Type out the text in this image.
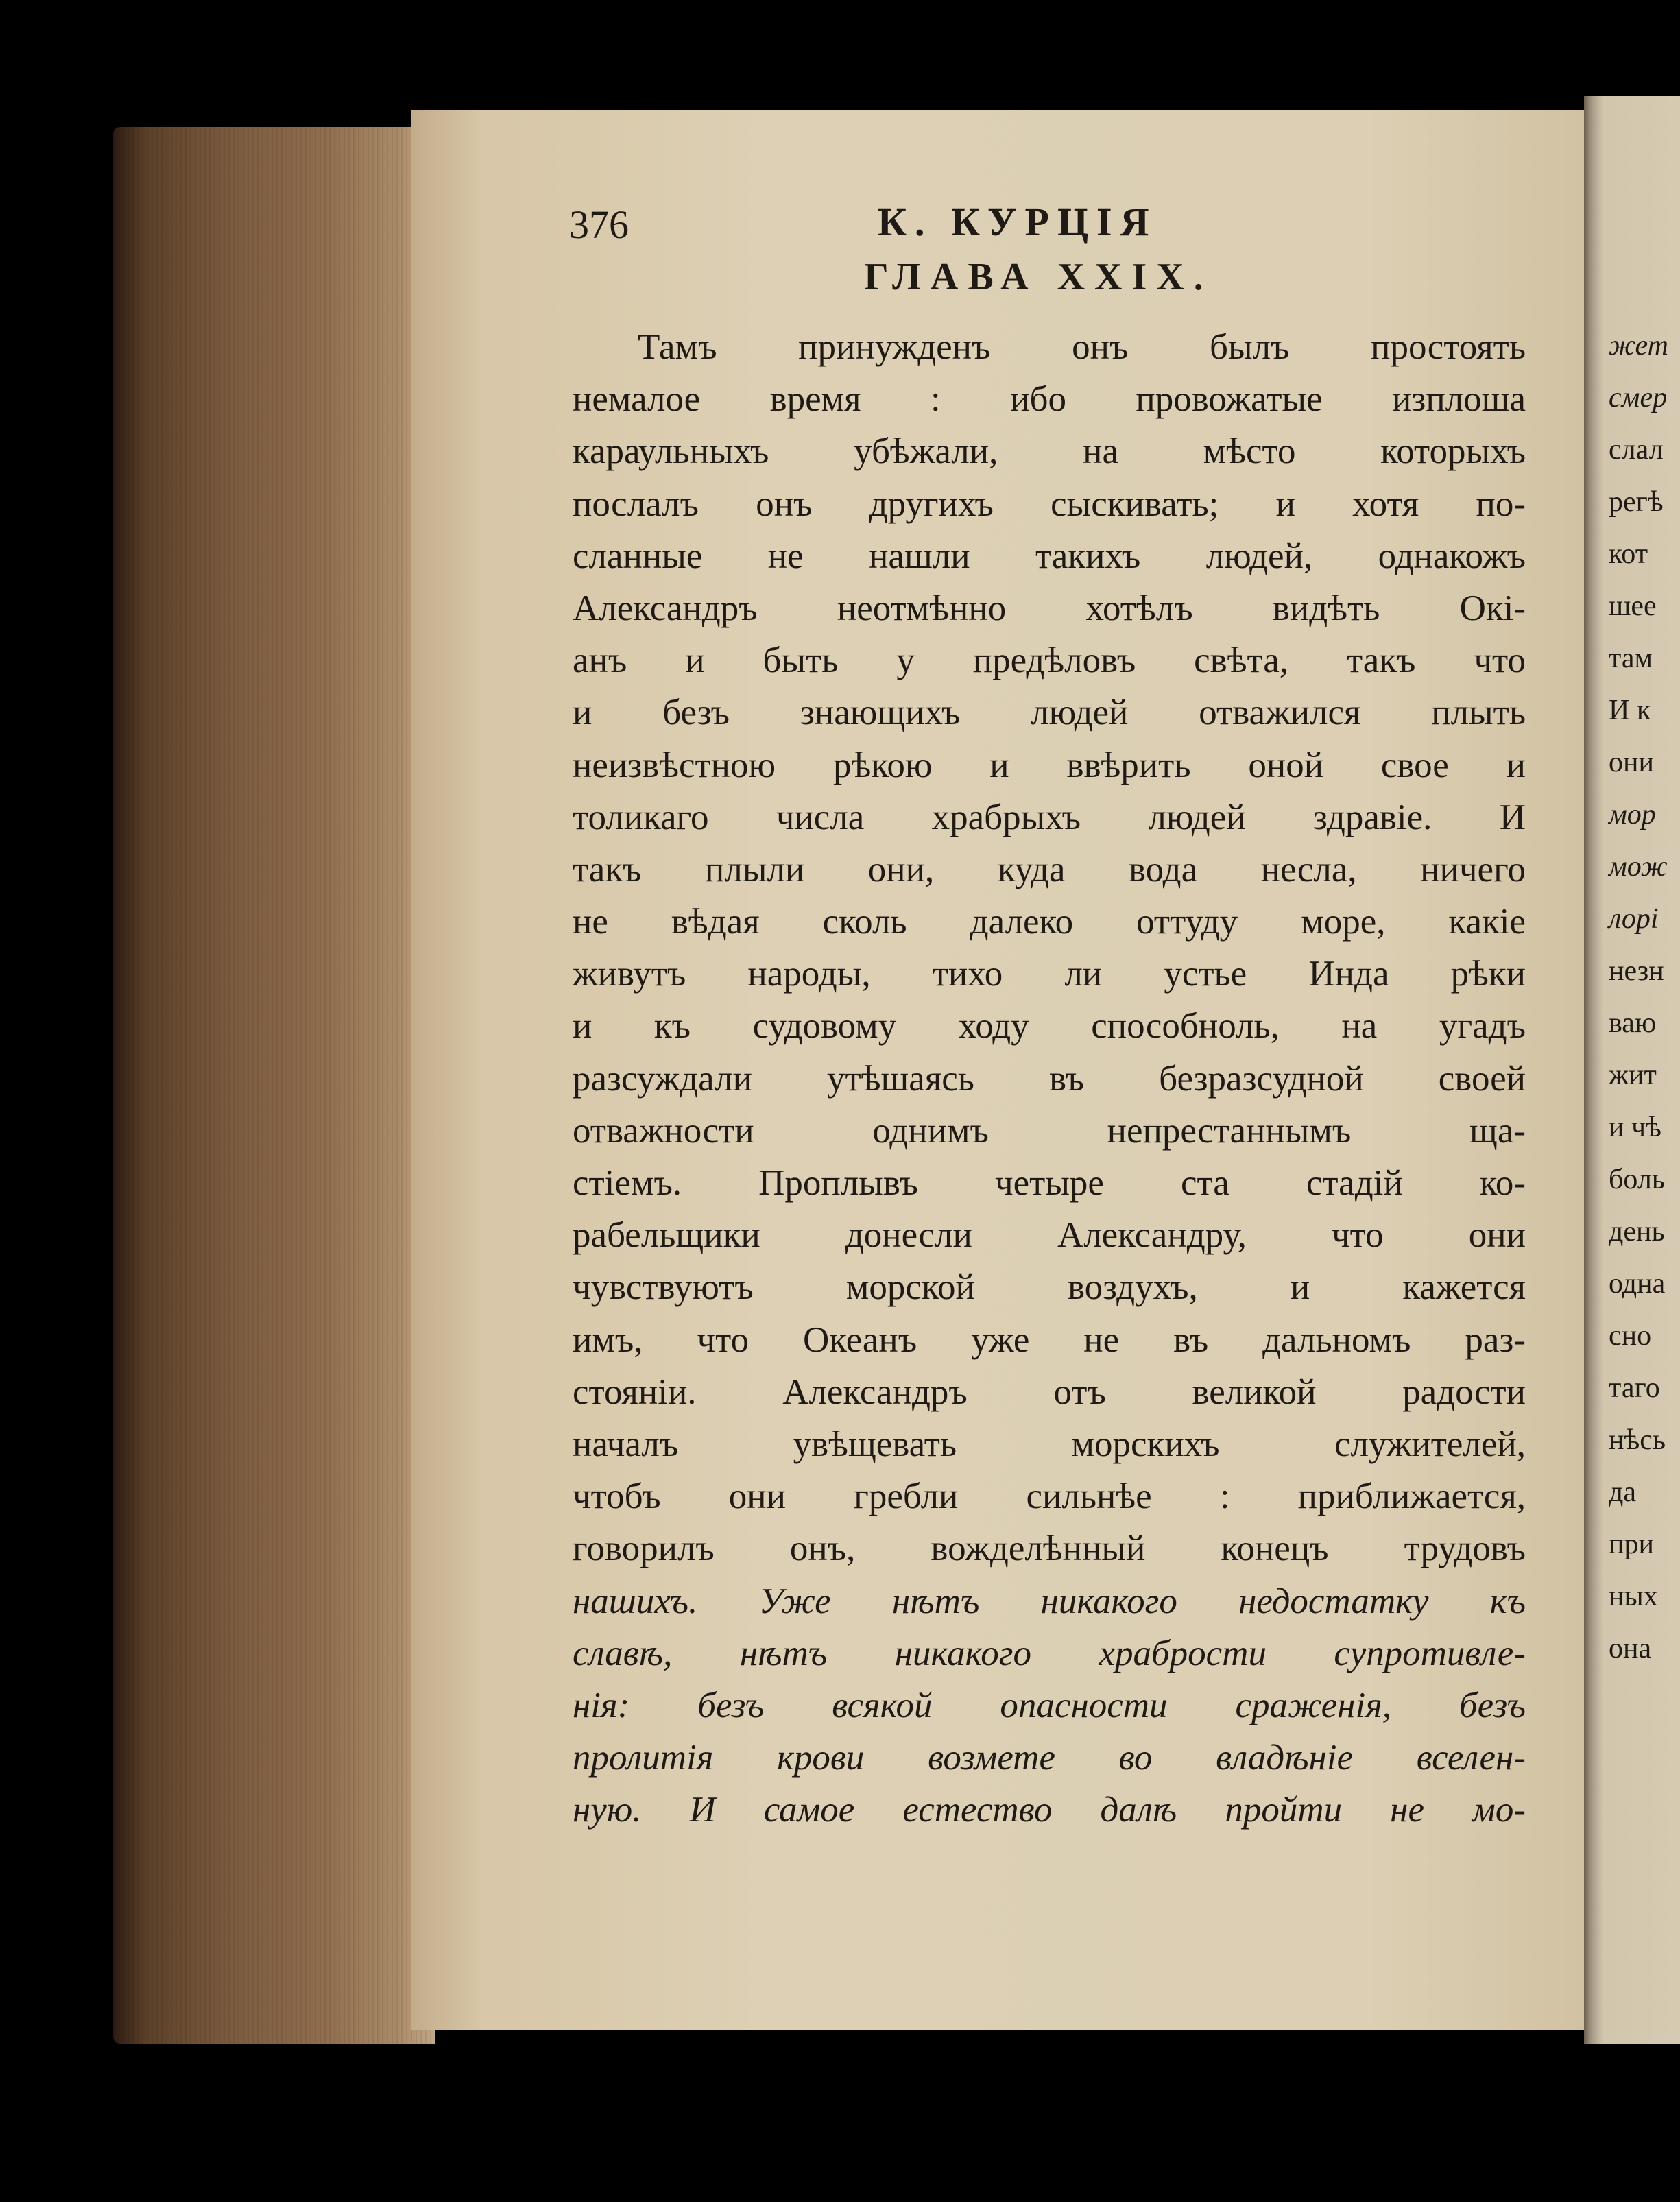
жет
смер
слал
регѣ
кот
шее
там
И к
они
мор
мож
лорі
незн
ваю
жит
и чѣ
боль
день
одна
сно
таго
нѣсь
да
при
ных
она
376	К. КУРЦІЯ
ГЛАВА XXIX.
Тамъ принужденъ онъ былъ простоять
немалое время : ибо провожатые изплоша
караульныхъ убѣжали, на мѣсто которыхъ
послалъ онъ другихъ сыскивать; и хотя по-
сланные не нашли такихъ людей, однакожъ
Александръ неотмѣнно хотѣлъ видѣть Окі-
анъ и быть у предѣловъ свѣта, такъ что
и безъ знающихъ людей отважился плыть
неизвѣстною рѣкою и ввѣрить оной свое и
толикаго числа храбрыхъ людей здравіе. И
такъ плыли они, куда вода несла, ничего
не вѣдая сколь далеко оттуду море, какіе
живутъ народы, тихо ли устье Инда рѣки
и къ судовому ходу способноль, на угадъ
разсуждали утѣшаясь въ безразсудной своей
отважности однимъ непрестаннымъ ща-
стіемъ. Проплывъ четыре ста стадій ко-
рабельщики донесли Александру, что они
чувствуютъ морской воздухъ, и кажется
имъ, что Океанъ уже не въ дальномъ раз-
стояніи. Александръ отъ великой радости
началъ увѣщевать морскихъ служителей,
чтобъ они гребли сильнѣе : приближается,
говорилъ онъ, вожделѣнный конецъ трудовъ
нашихъ. Уже нѣтъ никакого недостатку къ
славѣ, нѣтъ никакого храбрости супротивле-
нія: безъ всякой опасности сраженія, безъ
пролитія крови возмете во владѣніе вселен-
ную. И самое естество далѣ пройти не мо-
